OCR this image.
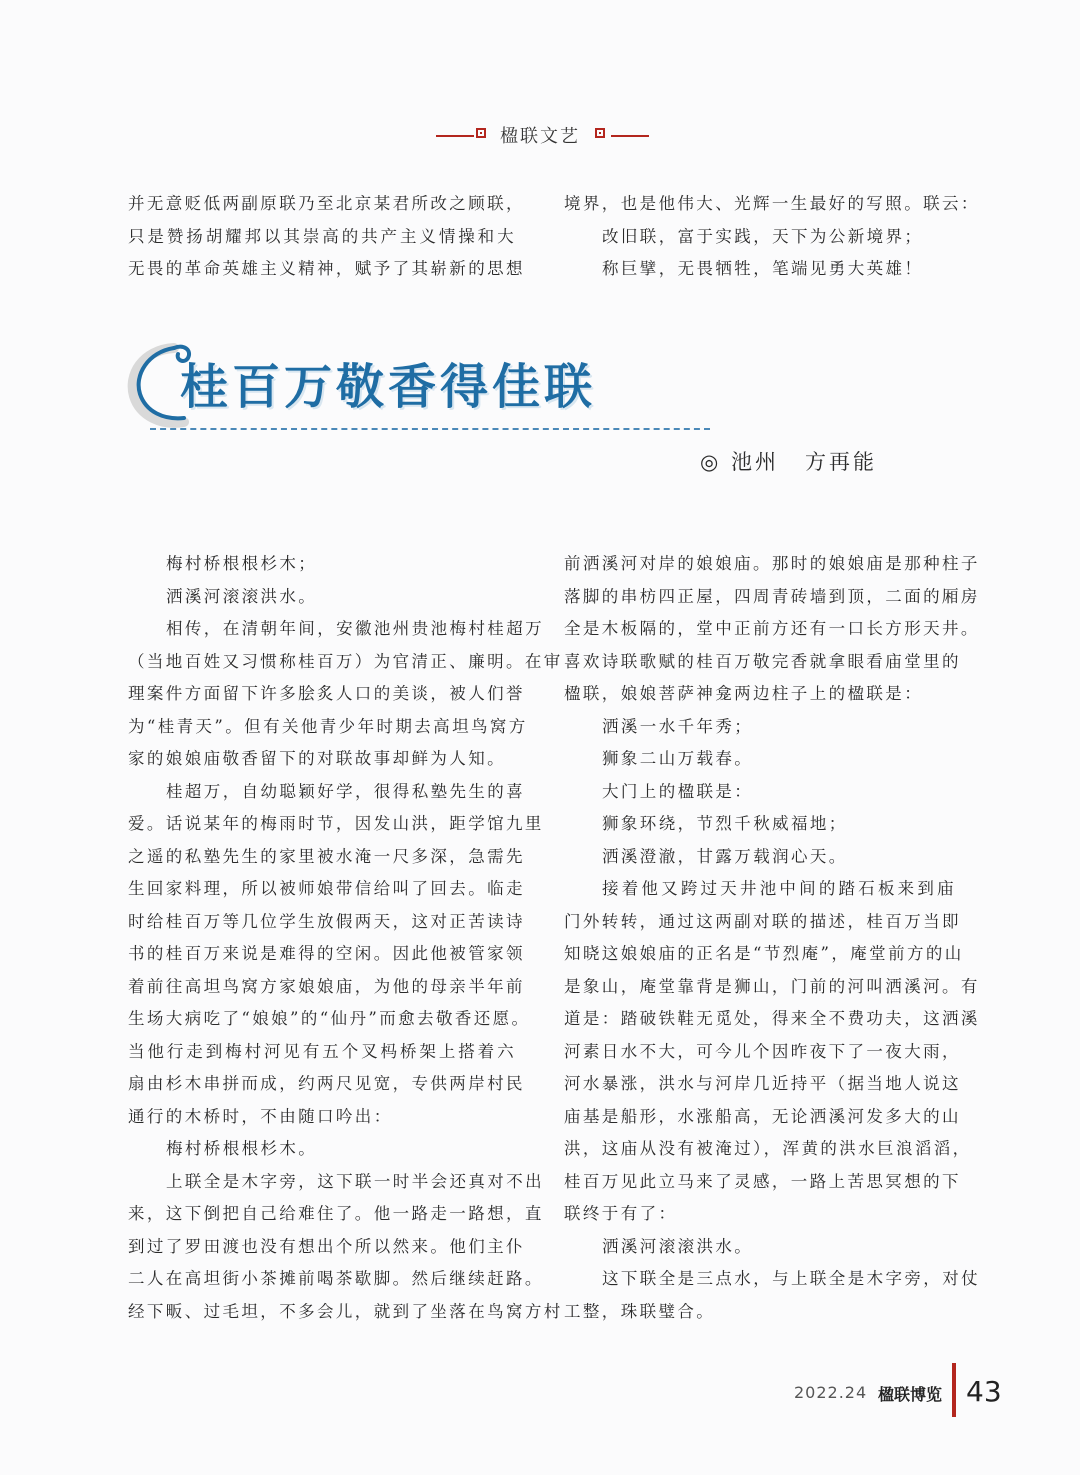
楹联文艺

并无意贬低两副原联乃至北京某君所改之顾联，

只是赞扬胡耀邦以其崇高的共产主义情操和大

无畏的革命英雄主义精神，赋予了其崭新的思想

境界，也是他伟大、光辉一生最好的写照。联云：

改旧联，富于实践，天下为公新境界；

称巨擘，无畏牺牲，笔端见勇大英雄！

桂百万敬香得佳联
◎ 池州 方再能

梅村桥根根杉木；

洒溪河滚滚洪水。

相传，在清朝年间，安徽池州贵池梅村桂超万

（当地百姓又习惯称桂百万）为官清正、廉明。在审

理案件方面留下许多脍炙人口的美谈，被人们誉

为“桂青天”。但有关他青少年时期去高坦鸟窝方

家的娘娘庙敬香留下的对联故事却鲜为人知。

桂超万，自幼聪颖好学，很得私塾先生的喜

爱。话说某年的梅雨时节，因发山洪，距学馆九里

之遥的私塾先生的家里被水淹一尺多深，急需先

生回家料理，所以被师娘带信给叫了回去。临走

时给桂百万等几位学生放假两天，这对正苦读诗

书的桂百万来说是难得的空闲。因此他被管家领

着前往高坦鸟窝方家娘娘庙，为他的母亲半年前

生场大病吃了“娘娘”的“仙丹”而愈去敬香还愿。

当他行走到梅村河见有五个叉杩桥架上搭着六

扇由杉木串拼而成，约两尺见宽，专供两岸村民

通行的木桥时，不由随口吟出：

梅村桥根根杉木。

上联全是木字旁，这下联一时半会还真对不出

来，这下倒把自己给难住了。他一路走一路想，直

到过了罗田渡也没有想出个所以然来。他们主仆

二人在高坦街小茶摊前喝茶歇脚。然后继续赶路。

经下畈、过毛坦，不多会儿，就到了坐落在鸟窝方村

前洒溪河对岸的娘娘庙。那时的娘娘庙是那种柱子

落脚的串枋四正屋，四周青砖墙到顶，二面的厢房

全是木板隔的，堂中正前方还有一口长方形天井。

喜欢诗联歌赋的桂百万敬完香就拿眼看庙堂里的

楹联，娘娘菩萨神龛两边柱子上的楹联是：

洒溪一水千年秀；

狮象二山万载春。

大门上的楹联是：

狮象环绕，节烈千秋威福地；

洒溪澄澈，甘露万载润心天。

接着他又跨过天井池中间的踏石板来到庙

门外转转，通过这两副对联的描述，桂百万当即

知晓这娘娘庙的正名是“节烈庵”，庵堂前方的山

是象山，庵堂靠背是狮山，门前的河叫洒溪河。有

道是：踏破铁鞋无觅处，得来全不费功夫，这洒溪

河素日水不大，可今儿个因昨夜下了一夜大雨，

河水暴涨，洪水与河岸几近持平（据当地人说这

庙基是船形，水涨船高，无论洒溪河发多大的山

洪，这庙从没有被淹过），浑黄的洪水巨浪滔滔，

桂百万见此立马来了灵感，一路上苦思冥想的下

联终于有了：

洒溪河滚滚洪水。

这下联全是三点水，与上联全是木字旁，对仗

工整，珠联璧合。

2022.24 楹联博览 43
